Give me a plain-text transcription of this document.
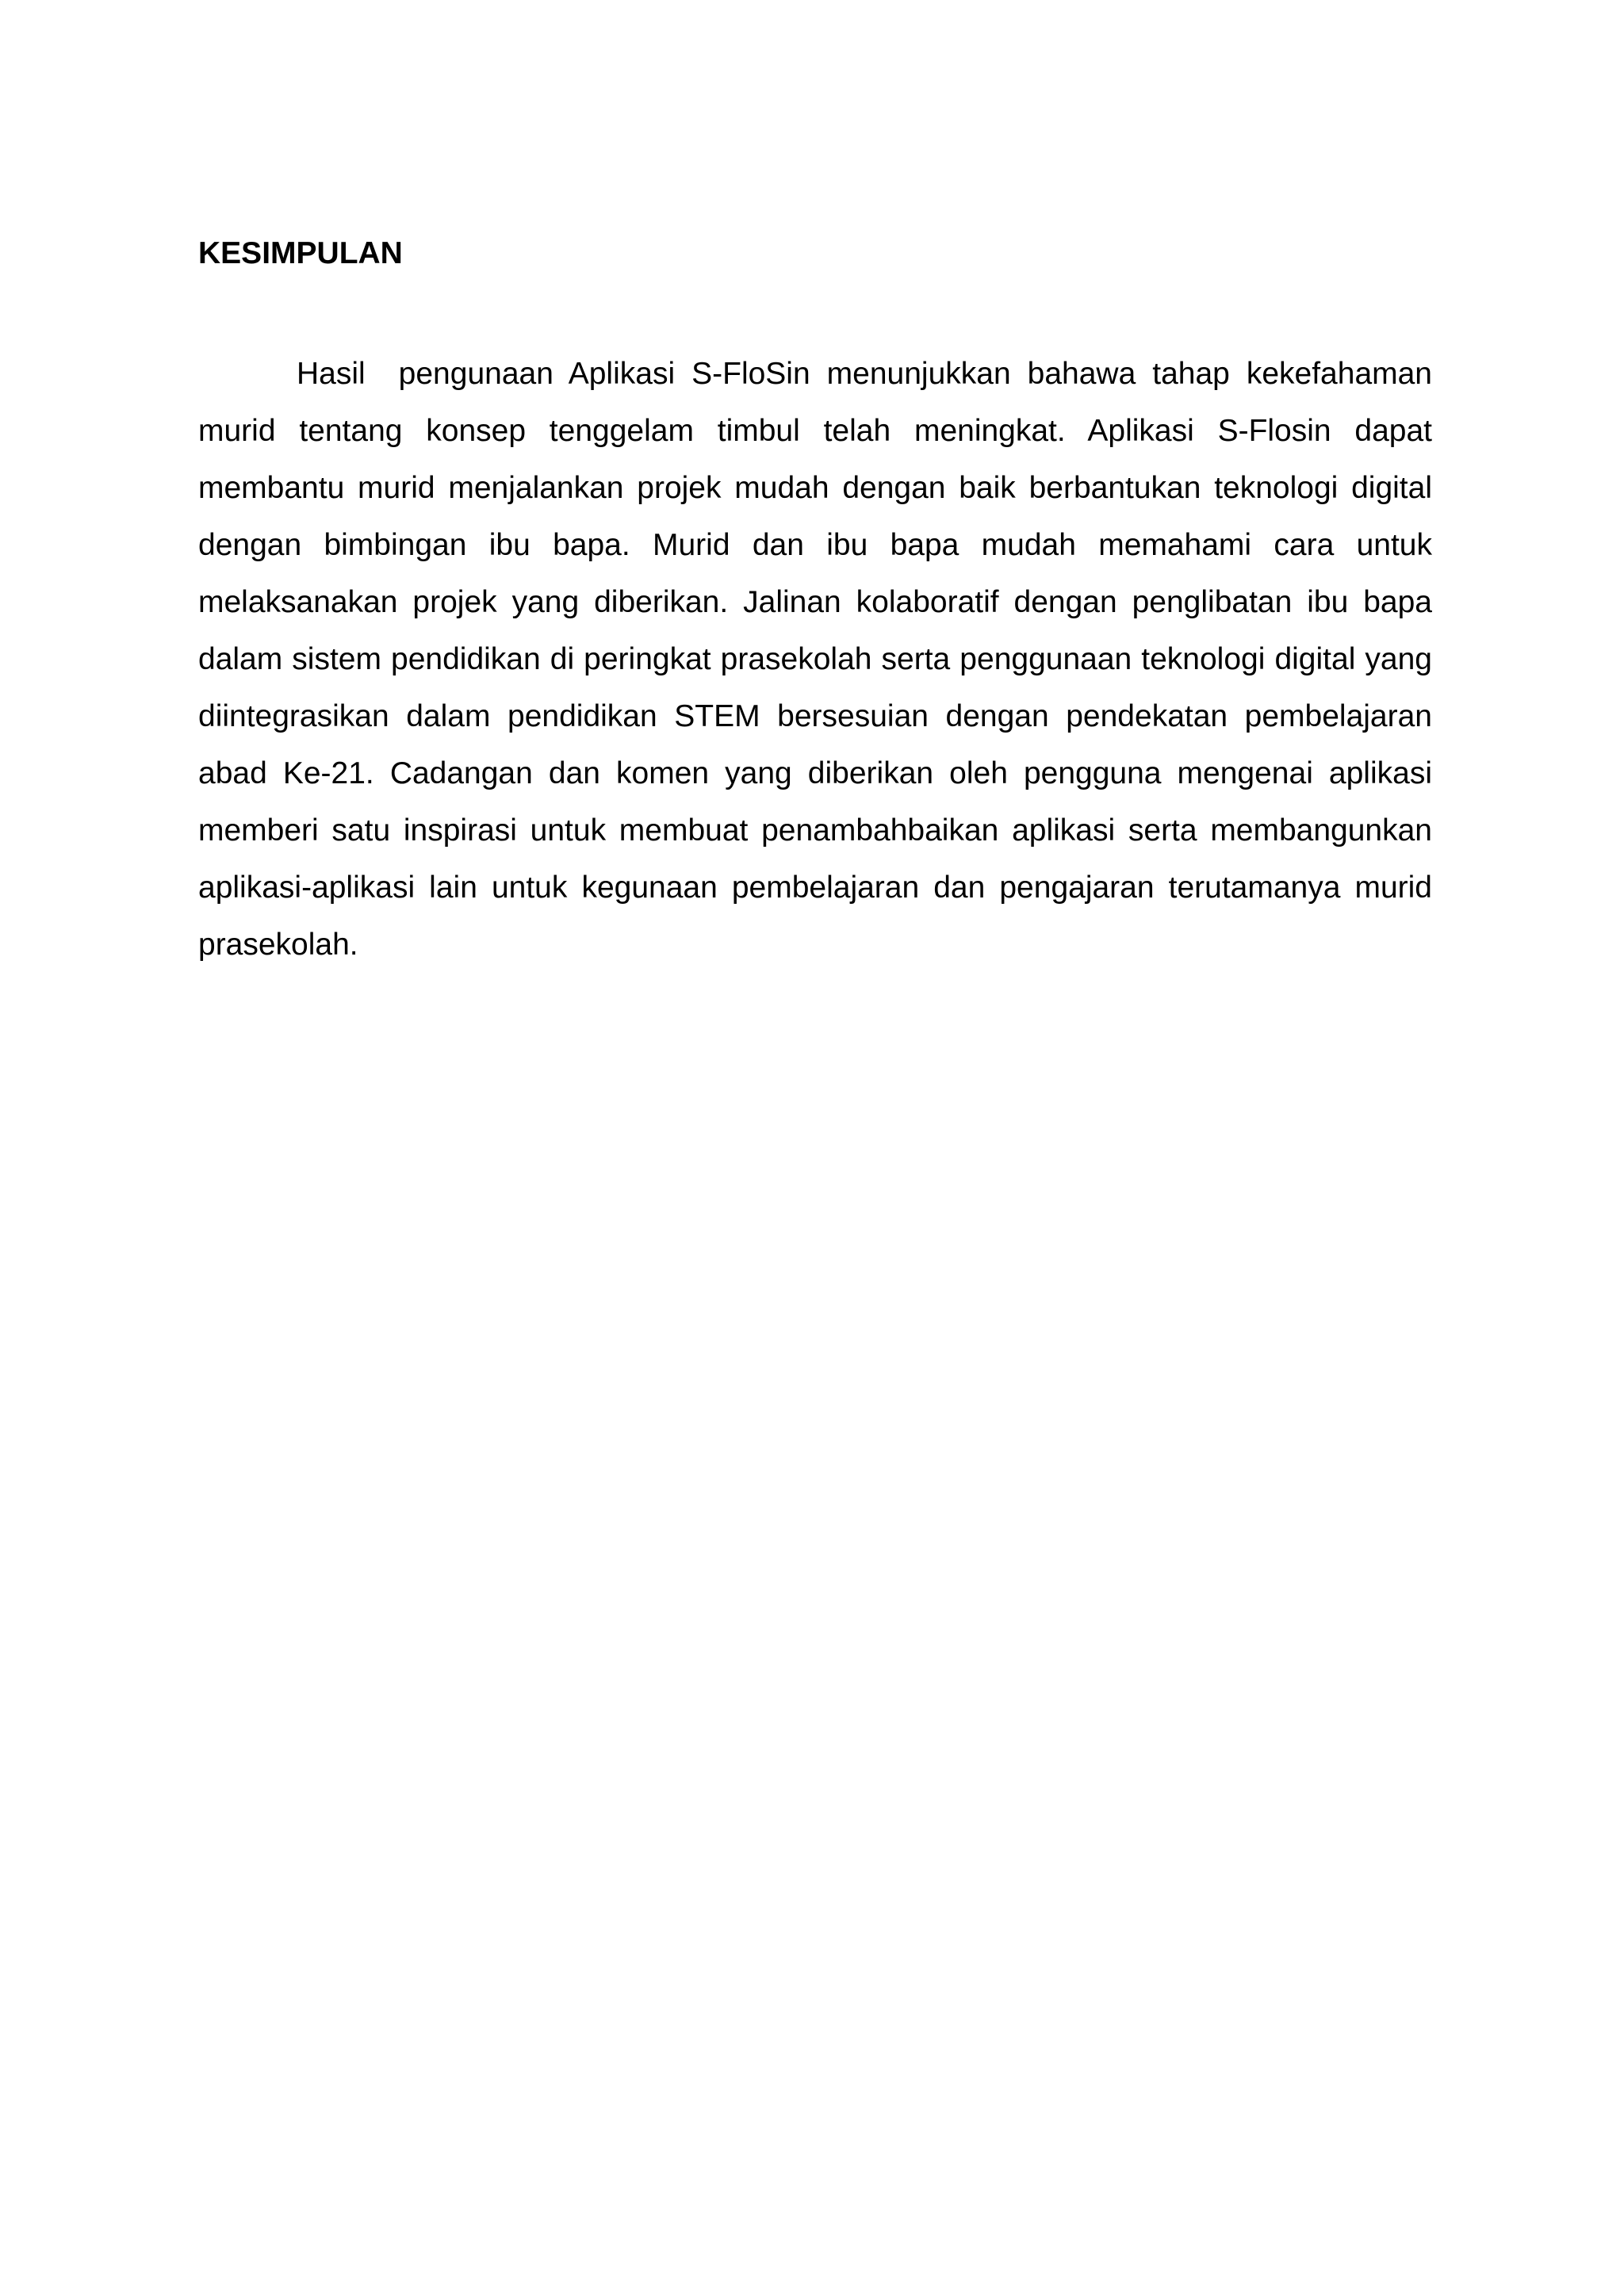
KESIMPULAN

Hasil  pengunaan Aplikasi S-FloSin menunjukkan bahawa tahap kekefahaman murid tentang konsep tenggelam timbul telah meningkat. Aplikasi S-Flosin dapat membantu murid menjalankan projek mudah dengan baik berbantukan teknologi digital dengan bimbingan ibu bapa. Murid dan ibu bapa mudah memahami cara untuk melaksanakan projek yang diberikan. Jalinan kolaboratif dengan penglibatan ibu bapa dalam sistem pendidikan di peringkat prasekolah serta penggunaan teknologi digital yang diintegrasikan dalam pendidikan STEM bersesuian dengan pendekatan pembelajaran abad Ke-21. Cadangan dan komen yang diberikan oleh pengguna mengenai aplikasi memberi satu inspirasi untuk membuat penambahbaikan aplikasi serta membangunkan aplikasi-aplikasi lain untuk kegunaan pembelajaran dan pengajaran terutamanya murid prasekolah.
